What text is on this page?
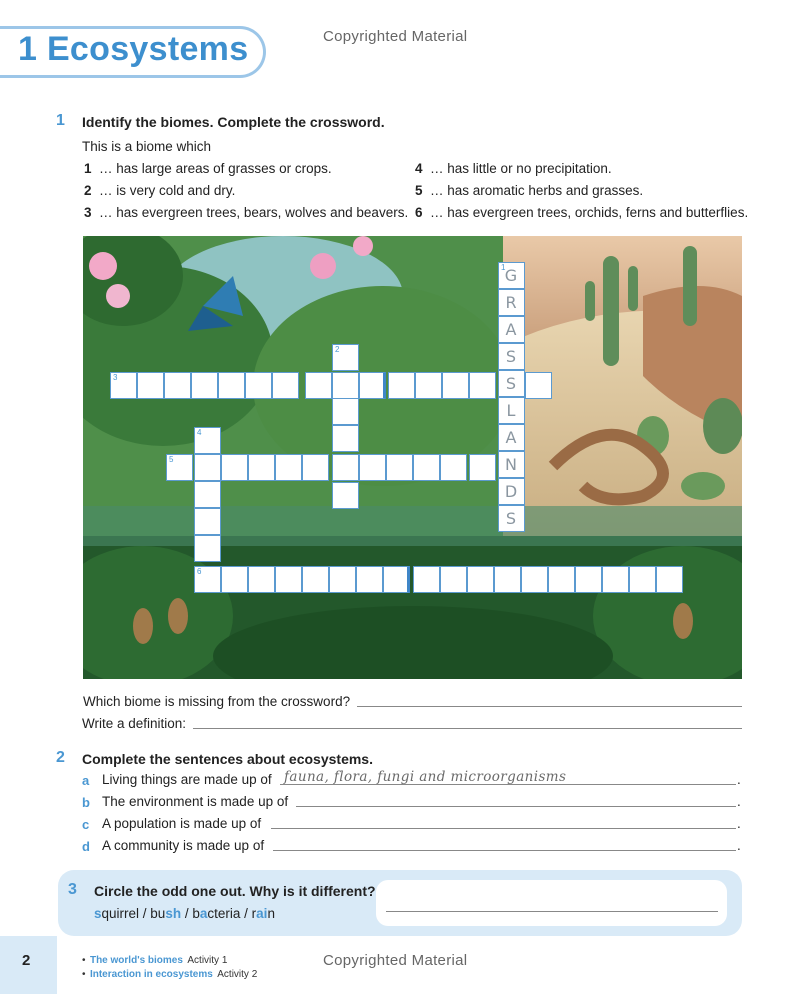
1 Ecosystems	Copyrighted Material
1 Identify the biomes. Complete the crossword.
This is a biome which
1 … has large areas of grasses or crops.
2 … is very cold and dry.
3 … has evergreen trees, bears, wolves and beavers.
4 … has little or no precipitation.
5 … has aromatic herbs and grasses.
6 … has evergreen trees, orchids, ferns and butterflies.
1 G
R
A
S
S
L
A
N
D
S
2
3
4
5
6
Which biome is missing from the crossword?
Write a definition:
2 Complete the sentences about ecosystems.
a Living things are made up of fauna, flora, fungi and microorganisms	.
b The environment is made up of	.
c A population is made up of	.
d A community is made up of	.
3 Circle the odd one out. Why is it different?
squirrel / bush / bacteria / rain
2	• The world's biomes Activity 1
• Interaction in ecosystems Activity 2
Copyrighted Material
